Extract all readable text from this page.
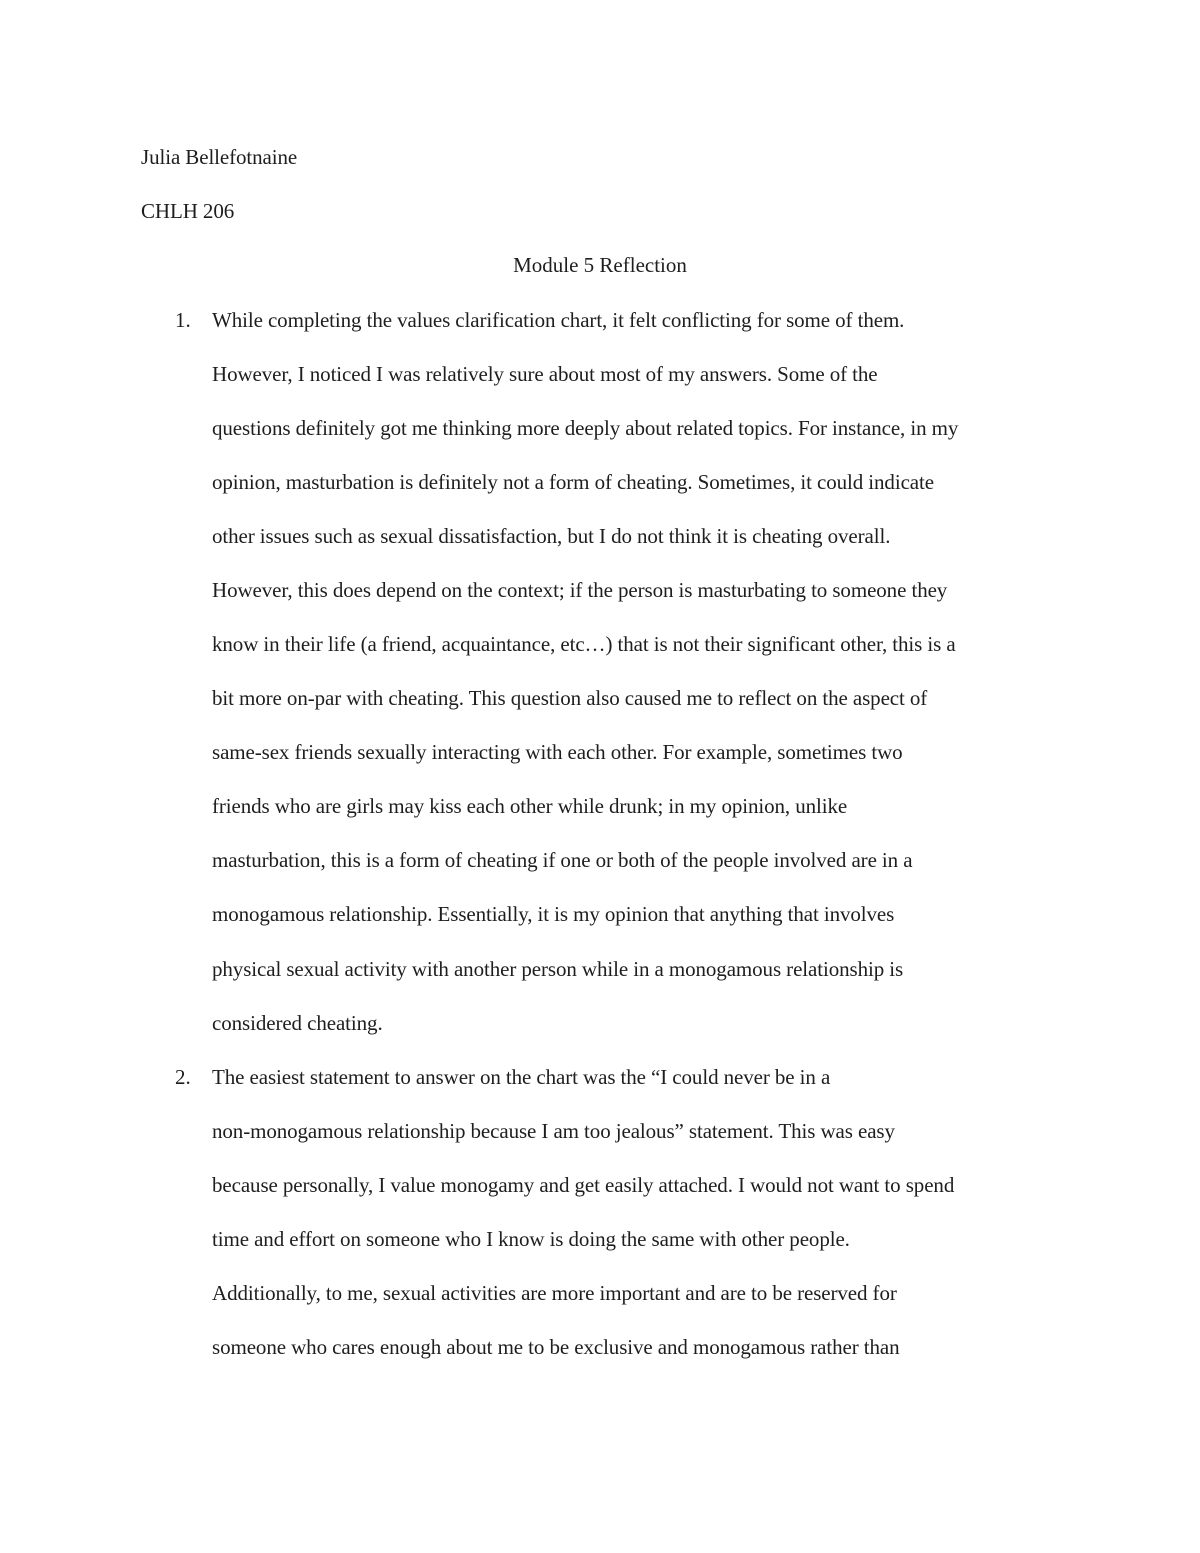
Julia Bellefotnaine
CHLH 206
Module 5 Reflection
1. While completing the values clarification chart, it felt conflicting for some of them.
However, I noticed I was relatively sure about most of my answers. Some of the
questions definitely got me thinking more deeply about related topics. For instance, in my
opinion, masturbation is definitely not a form of cheating. Sometimes, it could indicate
other issues such as sexual dissatisfaction, but I do not think it is cheating overall.
However, this does depend on the context; if the person is masturbating to someone they
know in their life (a friend, acquaintance, etc…) that is not their significant other, this is a
bit more on-par with cheating. This question also caused me to reflect on the aspect of
same-sex friends sexually interacting with each other. For example, sometimes two
friends who are girls may kiss each other while drunk; in my opinion, unlike
masturbation, this is a form of cheating if one or both of the people involved are in a
monogamous relationship. Essentially, it is my opinion that anything that involves
physical sexual activity with another person while in a monogamous relationship is
considered cheating.
2. The easiest statement to answer on the chart was the “I could never be in a
non-monogamous relationship because I am too jealous” statement. This was easy
because personally, I value monogamy and get easily attached. I would not want to spend
time and effort on someone who I know is doing the same with other people.
Additionally, to me, sexual activities are more important and are to be reserved for
someone who cares enough about me to be exclusive and monogamous rather than
